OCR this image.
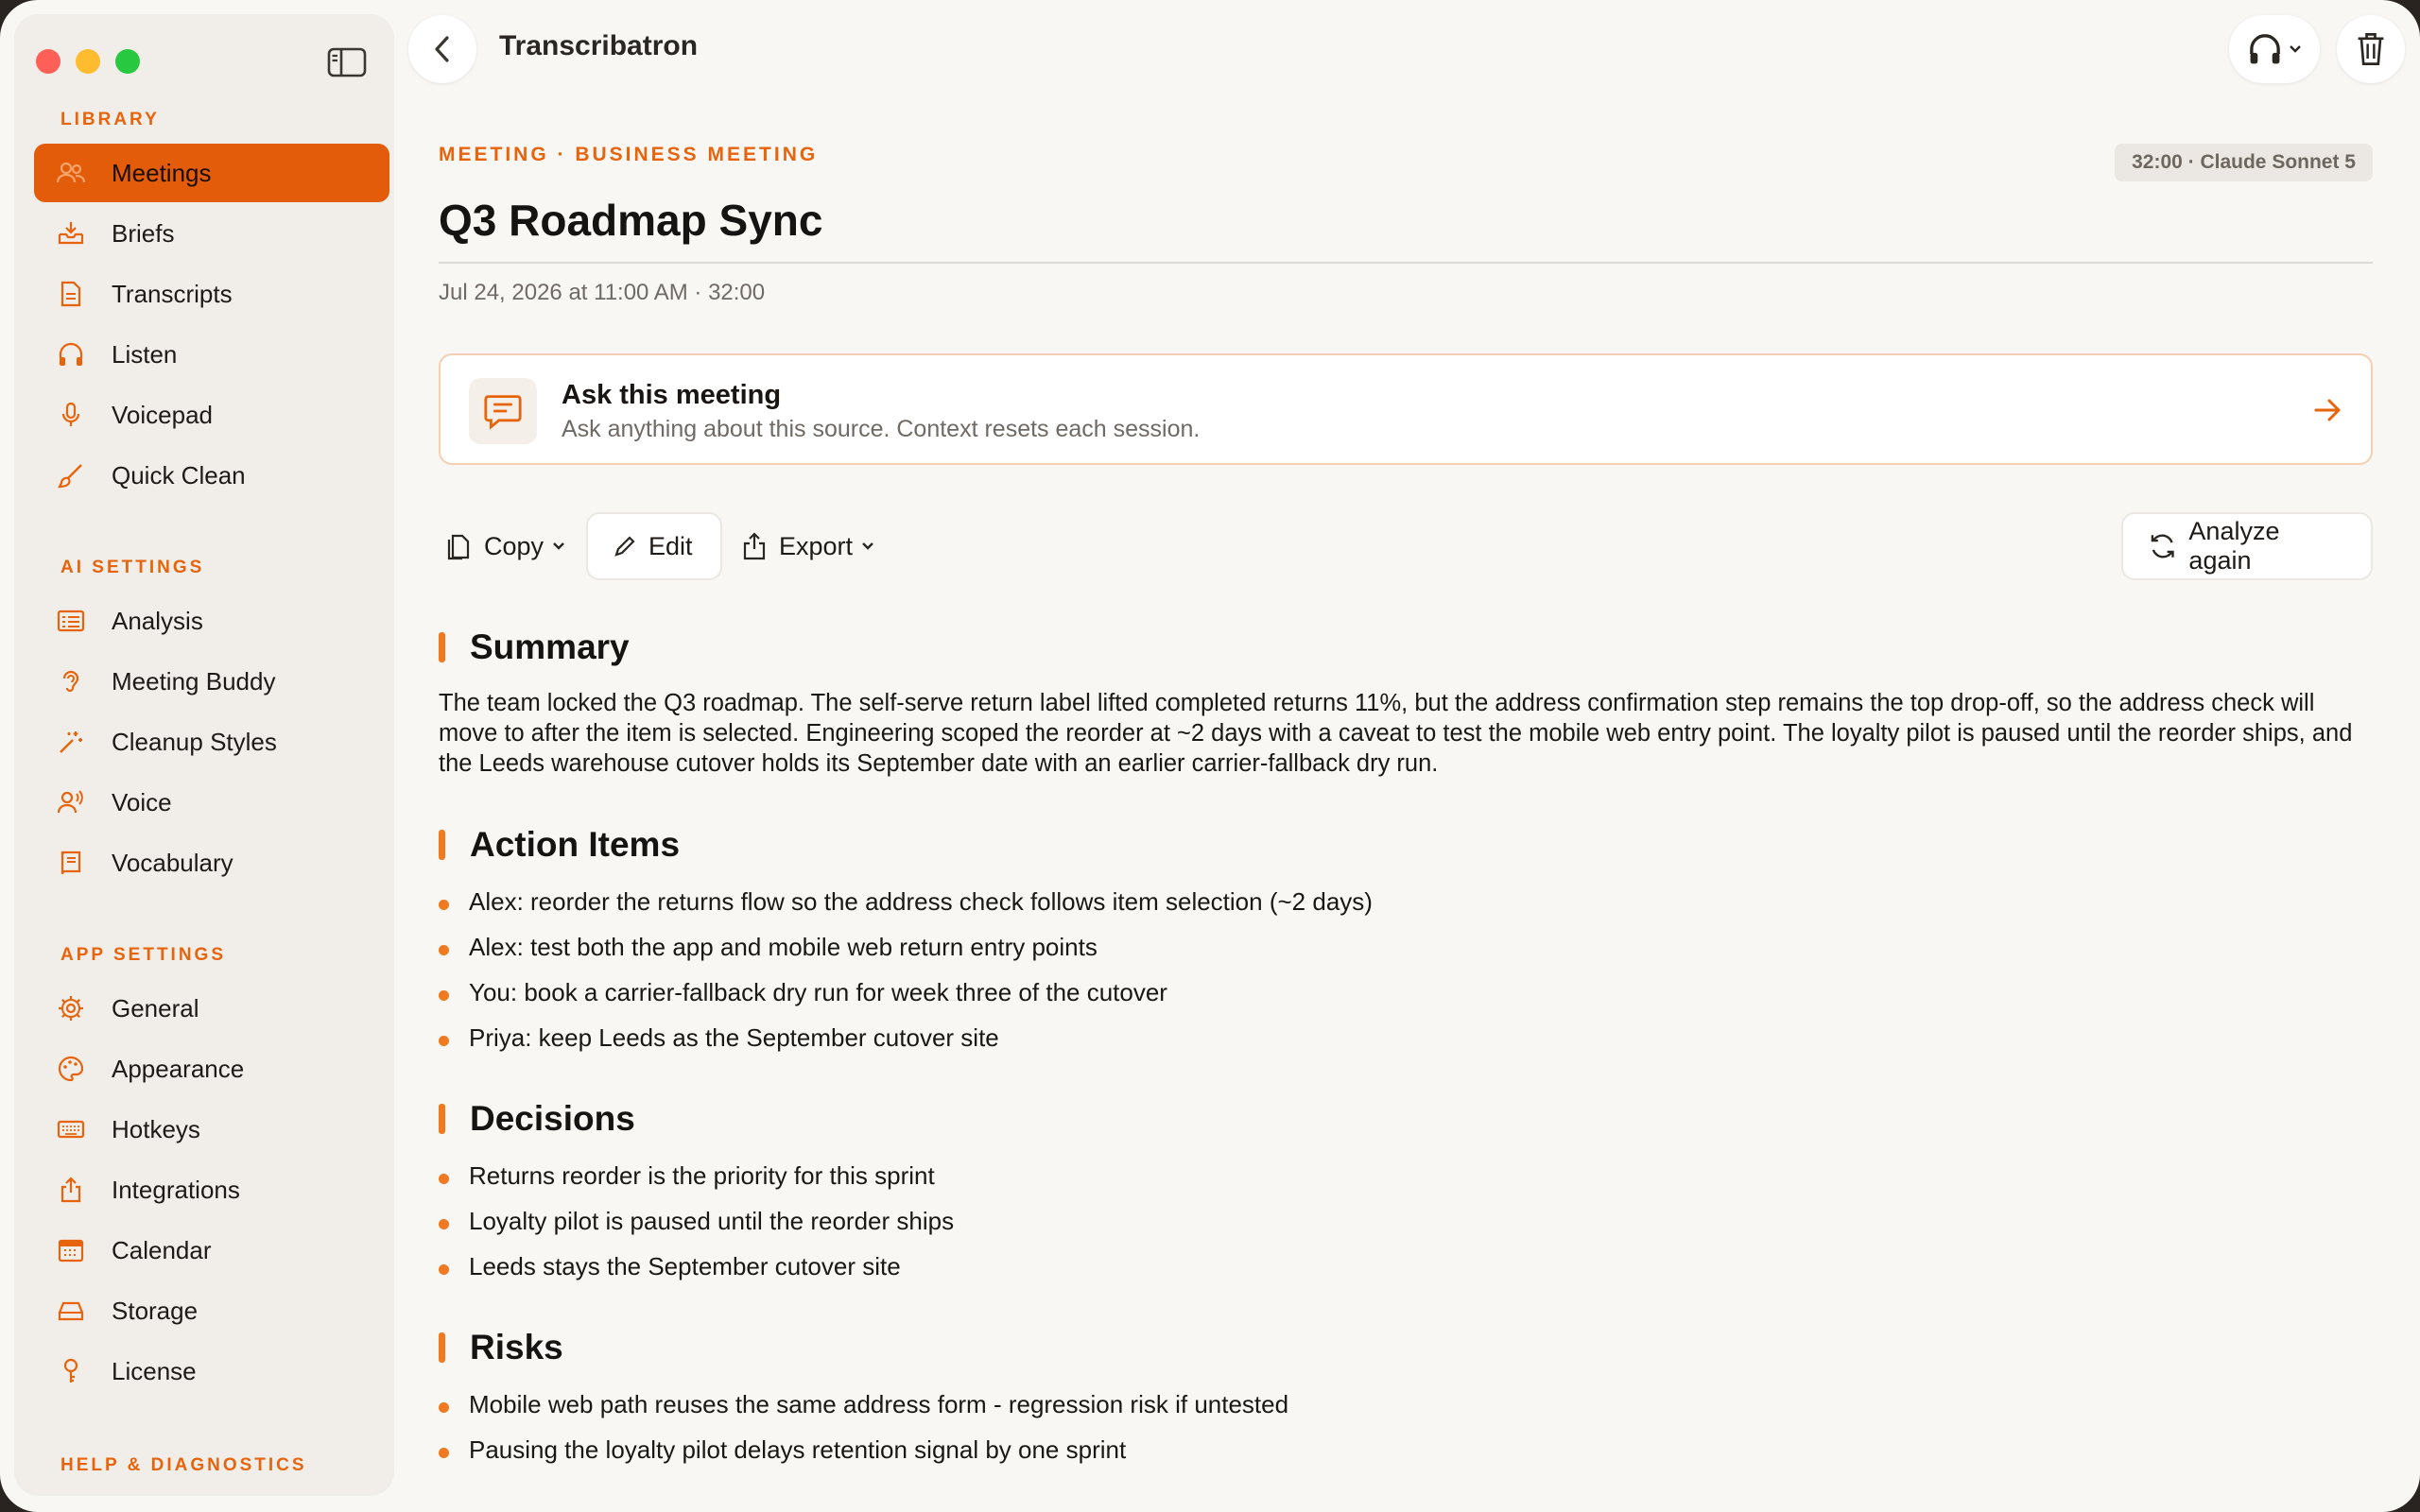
LIBRARY
Meetings
Briefs
Transcripts
Listen
Voicepad
Quick Clean
AI SETTINGS
Analysis
Meeting Buddy
Cleanup Styles
Voice
Vocabulary
APP SETTINGS
General
Appearance
Hotkeys
Integrations
Calendar
Storage
License
HELP & DIAGNOSTICS
Transcribatron
MEETING · BUSINESS MEETING	32:00 · Claude Sonnet 5
Q3 Roadmap Sync
Jul 24, 2026 at 11:00 AM · 32:00
Ask this meeting
Ask anything about this source. Context resets each session.
Copy	Edit	Export
Analyze again
Summary

The team locked the Q3 roadmap. The self-serve return label lifted completed returns 11%, but the address confirmation step remains the top drop-off, so the address check will move to after the item is selected. Engineering scoped the reorder at ~2 days with a caveat to test the mobile web entry point. The loyalty pilot is paused until the reorder ships, and the Leeds warehouse cutover holds its September date with an earlier carrier-fallback dry run.

Action Items
Alex: reorder the returns flow so the address check follows item selection (~2 days)
Alex: test both the app and mobile web return entry points
You: book a carrier-fallback dry run for week three of the cutover
Priya: keep Leeds as the September cutover site
Decisions
Returns reorder is the priority for this sprint
Loyalty pilot is paused until the reorder ships
Leeds stays the September cutover site
Risks
Mobile web path reuses the same address form - regression risk if untested
Pausing the loyalty pilot delays retention signal by one sprint
